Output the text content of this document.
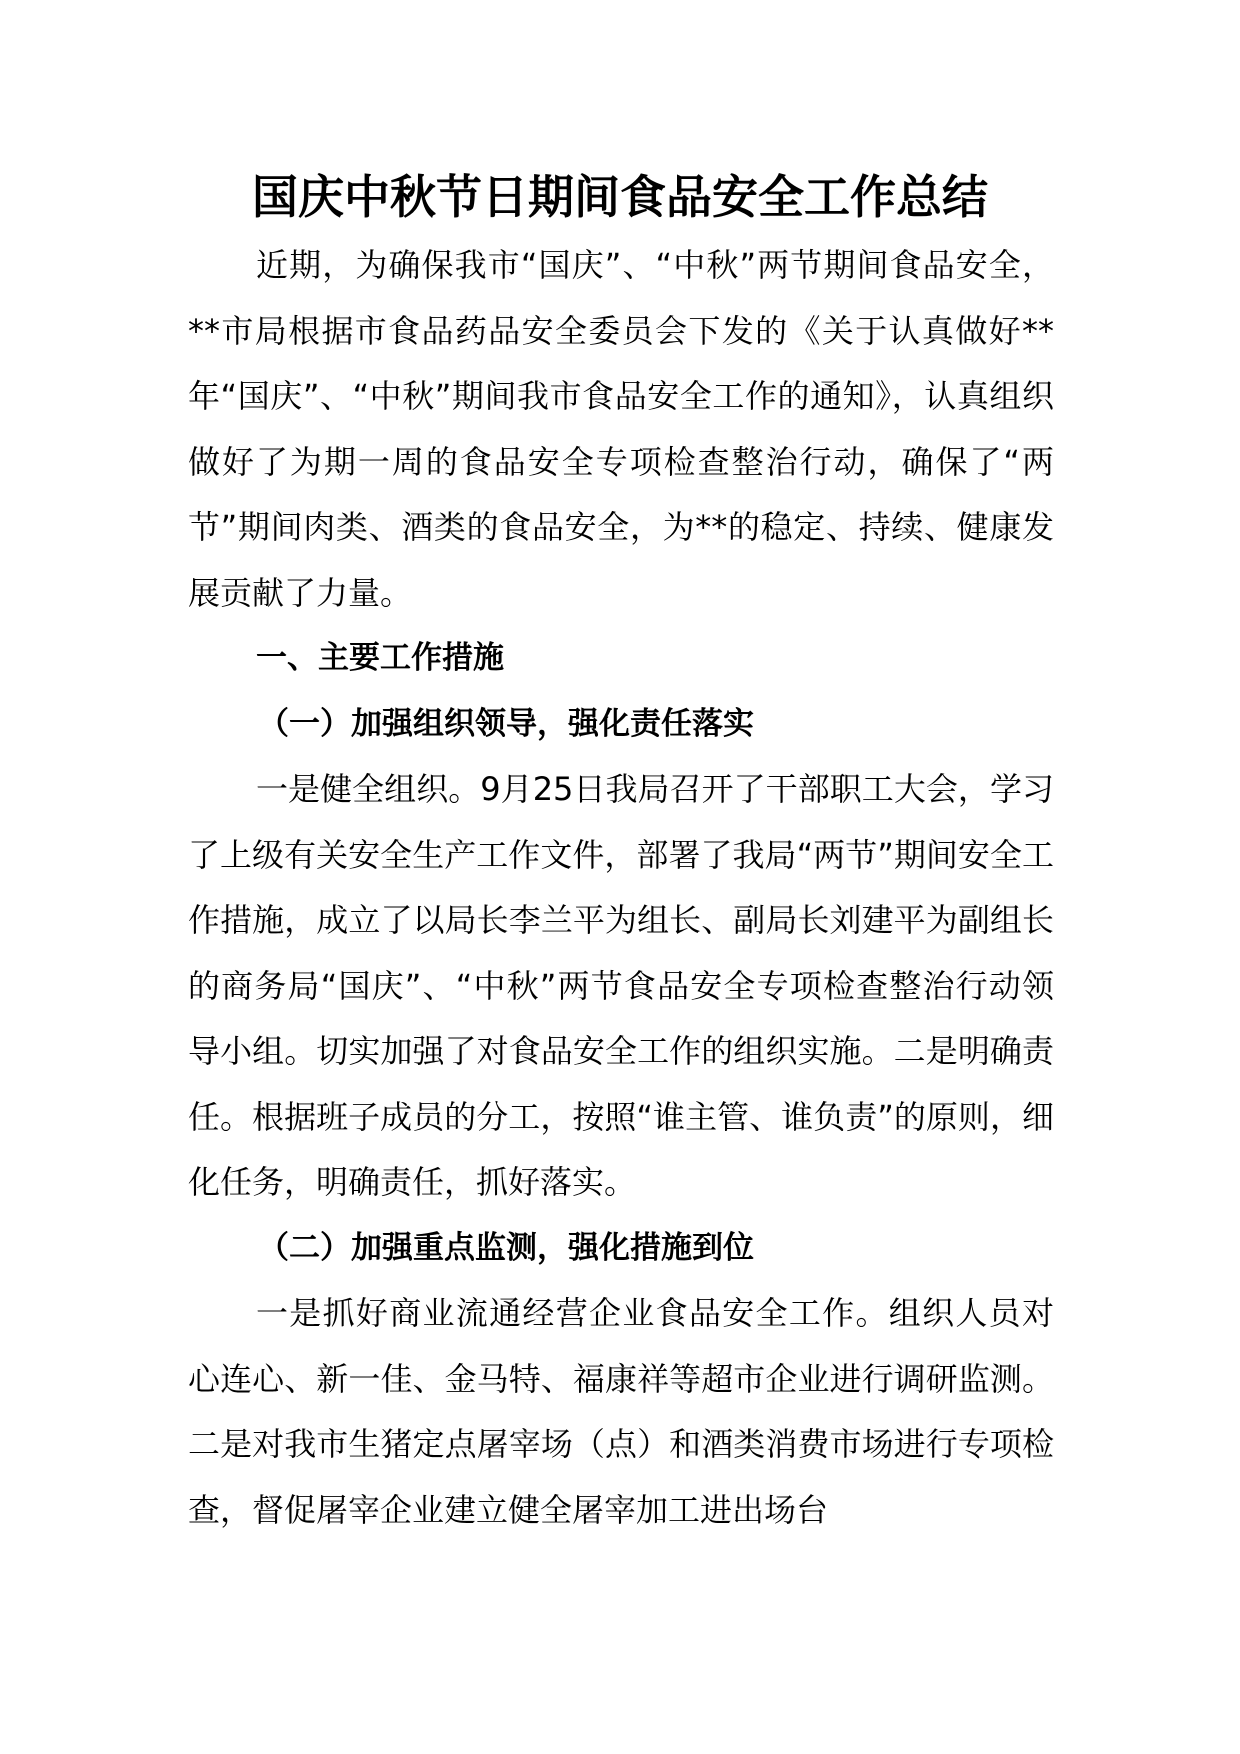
国庆中秋节日期间食品安全工作总结

近期，为确保我市“国庆”、“中秋”两节期间食品安全，**市局根据市食品药品安全委员会下发的《关于认真做好**年“国庆”、“中秋”期间我市食品安全工作的通知》，认真组织做好了为期一周的食品安全专项检查整治行动，确保了“两节”期间肉类、酒类的食品安全，为**的稳定、持续、健康发展贡献了力量。

一、主要工作措施
（一）加强组织领导，强化责任落实

一是健全组织。9月25日我局召开了干部职工大会，学习了上级有关安全生产工作文件，部署了我局“两节”期间安全工作措施，成立了以局长李兰平为组长、副局长刘建平为副组长的商务局“国庆”、“中秋”两节食品安全专项检查整治行动领导小组。切实加强了对食品安全工作的组织实施。二是明确责任。根据班子成员的分工，按照“谁主管、谁负责”的原则，细化任务，明确责任，抓好落实。

（二）加强重点监测，强化措施到位

一是抓好商业流通经营企业食品安全工作。组织人员对心连心、新一佳、金马特、福康祥等超市企业进行调研监测。二是对我市生猪定点屠宰场（点）和酒类消费市场进行专项检查，督促屠宰企业建立健全屠宰加工进出场台
